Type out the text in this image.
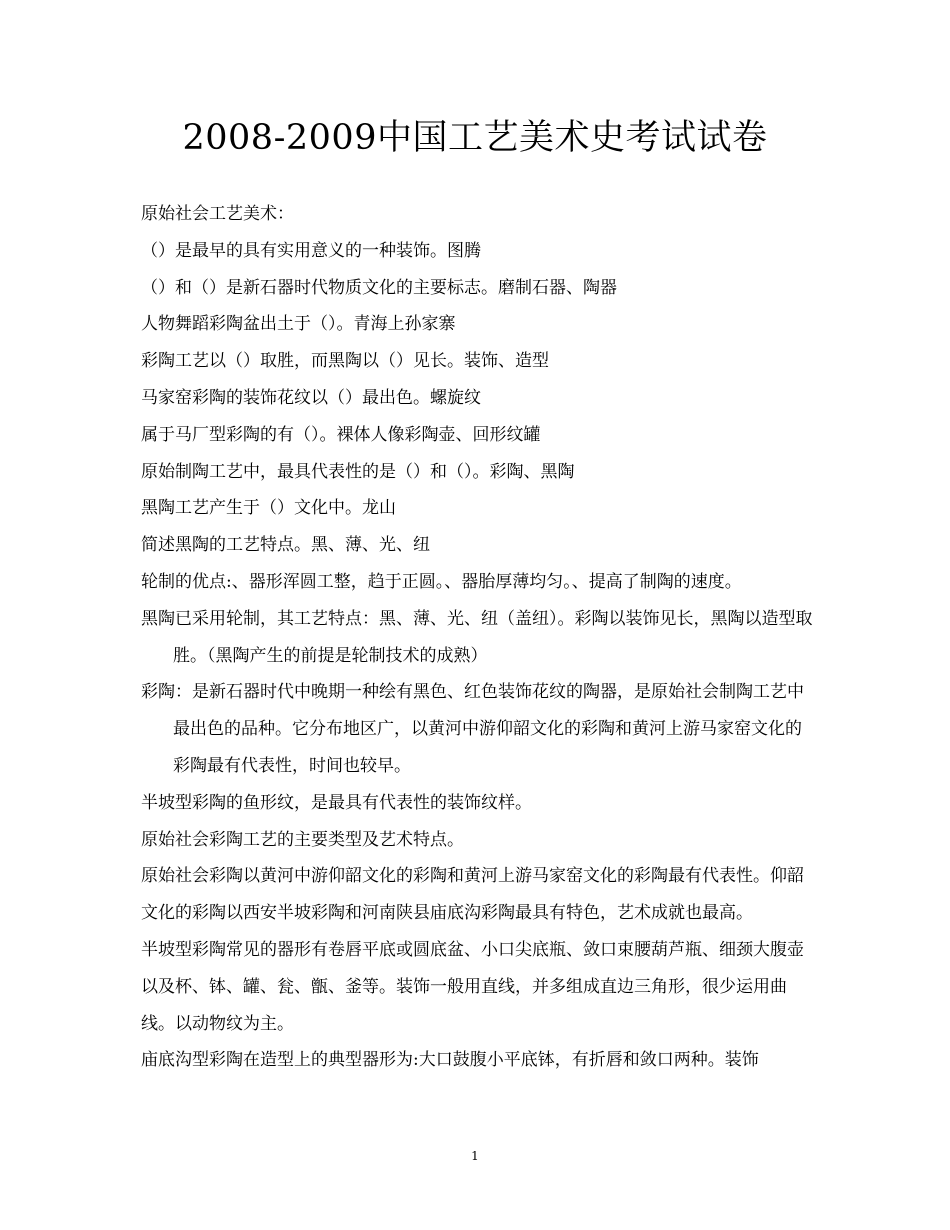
2008-2009中国工艺美术史考试试卷

原始社会工艺美术：

（）是最早的具有实用意义的一种装饰。图腾

（）和（）是新石器时代物质文化的主要标志。磨制石器、陶器

人物舞蹈彩陶盆出土于（）。青海上孙家寨

彩陶工艺以（）取胜，而黑陶以（）见长。装饰、造型

马家窑彩陶的装饰花纹以（）最出色。螺旋纹

属于马厂型彩陶的有（）。裸体人像彩陶壶、回形纹罐

原始制陶工艺中，最具代表性的是（）和（）。彩陶、黑陶

黑陶工艺产生于（）文化中。龙山

简述黑陶的工艺特点。黑、薄、光、纽

轮制的优点:、器形浑圆工整，趋于正圆。、器胎厚薄均匀。、提高了制陶的速度。

黑陶已采用轮制，其工艺特点：黑、薄、光、纽（盖纽）。彩陶以装饰见长，黑陶以造型取胜。（黑陶产生的前提是轮制技术的成熟）

彩陶：是新石器时代中晚期一种绘有黑色、红色装饰花纹的陶器，是原始社会制陶工艺中最出色的品种。它分布地区广，以黄河中游仰韶文化的彩陶和黄河上游马家窑文化的彩陶最有代表性，时间也较早。

半坡型彩陶的鱼形纹，是最具有代表性的装饰纹样。

原始社会彩陶工艺的主要类型及艺术特点。

原始社会彩陶以黄河中游仰韶文化的彩陶和黄河上游马家窑文化的彩陶最有代表性。仰韶文化的彩陶以西安半坡彩陶和河南陕县庙底沟彩陶最具有特色，艺术成就也最高。

半坡型彩陶常见的器形有卷唇平底或圆底盆、小口尖底瓶、敛口束腰葫芦瓶、细颈大腹壶以及杯、钵、罐、瓮、甑、釜等。装饰一般用直线，并多组成直边三角形，很少运用曲线。以动物纹为主。

庙底沟型彩陶在造型上的典型器形为:大口鼓腹小平底钵，有折唇和敛口两种。装饰

1
